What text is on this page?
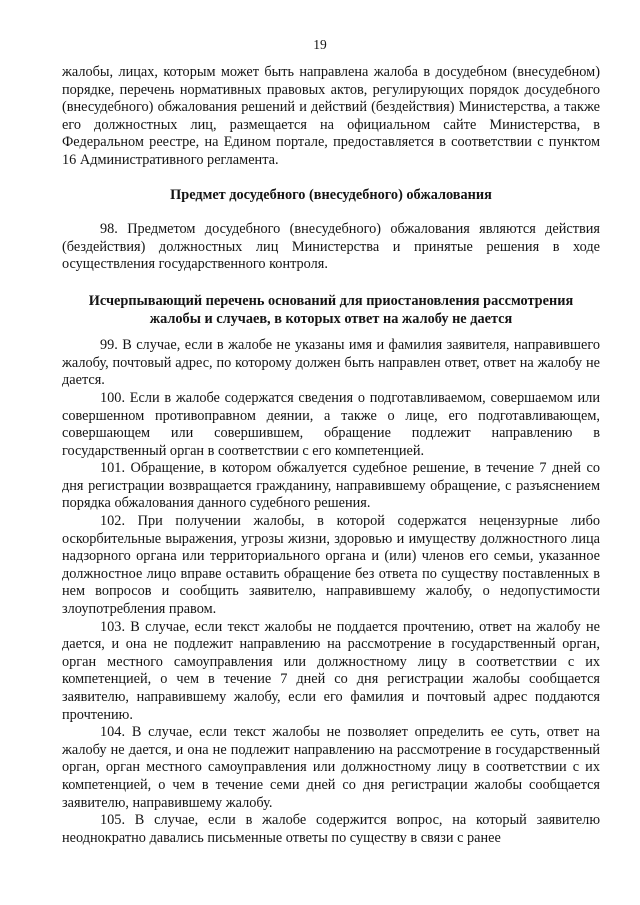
19

жалобы, лицах, которым может быть направлена жалоба в досудебном (внесудебном) порядке, перечень нормативных правовых актов, регулирующих порядок досудебного (внесудебного) обжалования решений и действий (бездействия) Министерства, а также его должностных лиц, размещается на официальном сайте Министерства, в Федеральном реестре, на Едином портале, предоставляется в соответствии с пунктом 16 Административного регламента.

Предмет досудебного (внесудебного) обжалования

98. Предметом досудебного (внесудебного) обжалования являются действия (бездействия) должностных лиц Министерства и принятые решения в ходе осуществления государственного контроля.

Исчерпывающий перечень оснований для приостановления рассмотрения жалобы и случаев, в которых ответ на жалобу не дается

99. В случае, если в жалобе не указаны имя и фамилия заявителя, направившего жалобу, почтовый адрес, по которому должен быть направлен ответ, ответ на жалобу не дается.

100. Если в жалобе содержатся сведения о подготавливаемом, совершаемом или совершенном противоправном деянии, а также о лице, его подготавливающем, совершающем или совершившем, обращение подлежит направлению в государственный орган в соответствии с его компетенцией.

101. Обращение, в котором обжалуется судебное решение, в течение 7 дней со дня регистрации возвращается гражданину, направившему обращение, с разъяснением порядка обжалования данного судебного решения.

102. При получении жалобы, в которой содержатся нецензурные либо оскорбительные выражения, угрозы жизни, здоровью и имуществу должностного лица надзорного органа или территориального органа и (или) членов его семьи, указанное должностное лицо вправе оставить обращение без ответа по существу поставленных в нем вопросов и сообщить заявителю, направившему жалобу, о недопустимости злоупотребления правом.

103. В случае, если текст жалобы не поддается прочтению, ответ на жалобу не дается, и она не подлежит направлению на рассмотрение в государственный орган, орган местного самоуправления или должностному лицу в соответствии с их компетенцией, о чем в течение 7 дней со дня регистрации жалобы сообщается заявителю, направившему жалобу, если его фамилия и почтовый адрес поддаются прочтению.

104. В случае, если текст жалобы не позволяет определить ее суть, ответ на жалобу не дается, и она не подлежит направлению на рассмотрение в государственный орган, орган местного самоуправления или должностному лицу в соответствии с их компетенцией, о чем в течение семи дней со дня регистрации жалобы сообщается заявителю, направившему жалобу.

105. В случае, если в жалобе содержится вопрос, на который заявителю неоднократно давались письменные ответы по существу в связи с ранее
